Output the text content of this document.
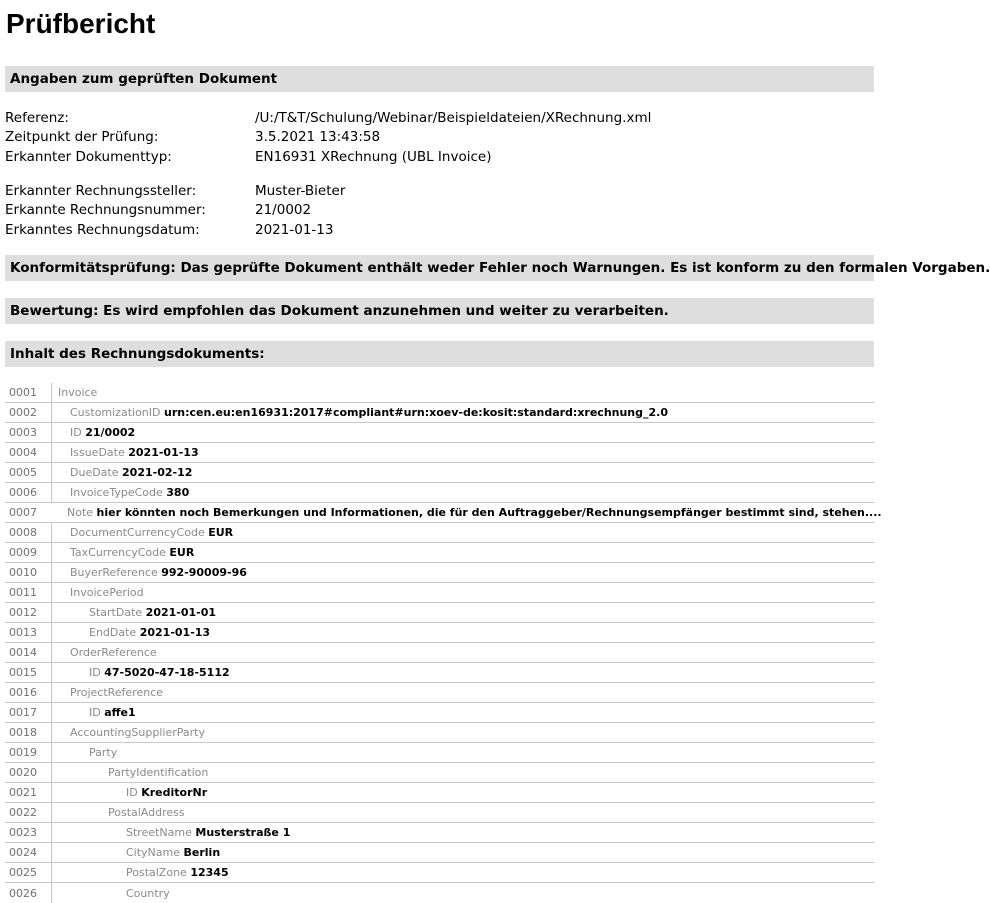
Prüfbericht
Angaben zum geprüften Dokument
Referenz:	/U:/T&T/Schulung/Webinar/Beispieldateien/XRechnung.xml
Zeitpunkt der Prüfung:	3.5.2021 13:43:58
Erkannter Dokumenttyp:	EN16931 XRechnung (UBL Invoice)
Erkannter Rechnungssteller:	Muster-Bieter
Erkannte Rechnungsnummer:	21/0002
Erkanntes Rechnungsdatum:	2021-01-13
Konformitätsprüfung: Das geprüfte Dokument enthält weder Fehler noch Warnungen. Es ist konform zu den formalen Vorgaben.
Bewertung: Es wird empfohlen das Dokument anzunehmen und weiter zu verarbeiten.
Inhalt des Rechnungsdokuments:
0001	Invoice
0002	CustomizationID urn:cen.eu:en16931:2017#compliant#urn:xoev-de:kosit:standard:xrechnung_2.0
0003	ID 21/0002
0004	IssueDate 2021-01-13
0005	DueDate 2021-02-12
0006	InvoiceTypeCode 380
0007	Note hier könnten noch Bemerkungen und Informationen, die für den Auftraggeber/Rechnungsempfänger bestimmt sind, stehen....
0008	DocumentCurrencyCode EUR
0009	TaxCurrencyCode EUR
0010	BuyerReference 992-90009-96
0011	InvoicePeriod
0012	StartDate 2021-01-01
0013	EndDate 2021-01-13
0014	OrderReference
0015	ID 47-5020-47-18-5112
0016	ProjectReference
0017	ID affe1
0018	AccountingSupplierParty
0019	Party
0020	PartyIdentification
0021	ID KreditorNr
0022	PostalAddress
0023	StreetName Musterstraße 1
0024	CityName Berlin
0025	PostalZone 12345
0026	Country
